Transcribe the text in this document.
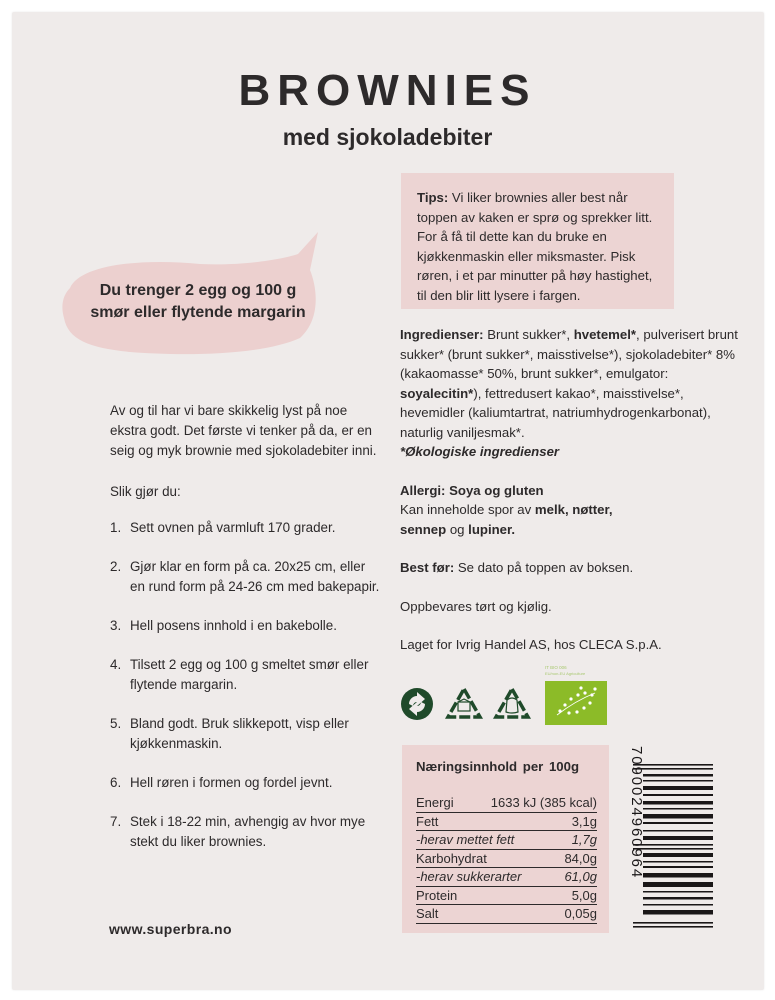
BROWNIES
med sjokoladebiter
Du trenger 2 egg og 100 g
smør eller flytende margarin

Av og til har vi bare skikkelig lyst på noe ekstra godt. Det første vi tenker på da, er en seig og myk brownie med sjokoladebiter inni.

Slik gjør du:

1. Sett ovnen på varmluft 170 grader.
2. Gjør klar en form på ca. 20x25 cm, eller en rund form på 24-26 cm med bakepapir.
3. Hell posens innhold i en bakebolle.
4. Tilsett 2 egg og 100 g smeltet smør eller flytende margarin.
5. Bland godt. Bruk slikkepott, visp eller kjøkkenmaskin.
6. Hell røren i formen og fordel jevnt.
7. Stek i 18-22 min, avhengig av hvor mye stekt du liker brownies.
www.superbra.no
Tips: Vi liker brownies aller best når toppen av kaken er sprø og sprekker litt. For å få til dette kan du bruke en kjøkkenmaskin eller miksmaster. Pisk røren, i et par minutter på høy hastighet, til den blir litt lysere i fargen.

Ingredienser: Brunt sukker*, hvetemel*, pulverisert brunt sukker* (brunt sukker*, maisstivelse*), sjokoladebiter* 8% (kakaomasse* 50%, brunt sukker*, emulgator: soyalecitin*), fettredusert kakao*, maisstivelse*, hevemidler (kaliumtartrat, natriumhydrogenkarbonat), naturlig vaniljesmak*.
*Økologiske ingredienser

Allergi: Soya og gluten
Kan inneholde spor av melk, nøtter,
sennep og lupiner.

Best før: Se dato på toppen av boksen.

Oppbevares tørt og kjølig.

Laget for Ivrig Handel AS, hos CLECA S.p.A.

IT BIO 006
EU/non-EU Agriculture
Næringsinnhold per 100g
Energi	1633 kJ (385 kcal)
Fett	3,1g
-herav mettet fett	1,7g
Karbohydrat	84,0g
-herav sukkerarter	61,0g
Protein	5,0g
Salt	0,05g
7090024960964
